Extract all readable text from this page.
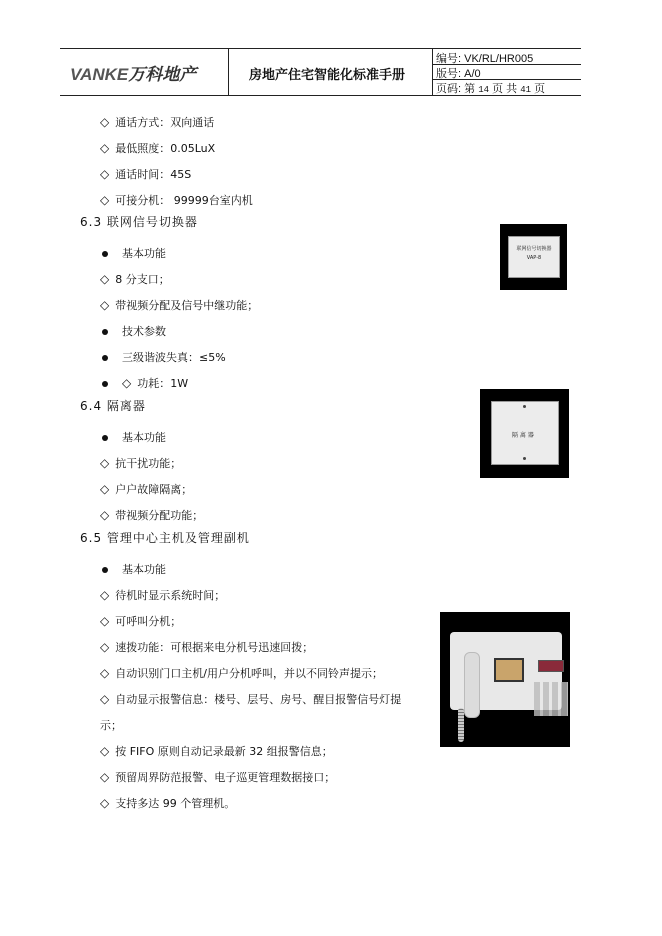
VANKE万科地产	房地产住宅智能化标准手册
编号: VK/RL/HR005
版号: A/0
页码: 第 14 页 共 41 页
◇ 通话方式：双向通话
◇ 最低照度：0.05LuX
◇ 通话时间：45S
◇ 可接分机： 99999台室内机
6.3 联网信号切换器
基本功能
◇ 8 分支口；
◇ 带视频分配及信号中继功能；
技术参数
三级谐波失真：≤5%
◇ 功耗：1W
联网信号切换器
VAP-8
6.4 隔离器
基本功能
◇ 抗干扰功能；
◇ 户户故障隔离；
◇ 带视频分配功能；
隔 离 器
6.5 管理中心主机及管理副机
基本功能
◇ 待机时显示系统时间；
◇ 可呼叫分机；
◇ 速拨功能：可根据来电分机号迅速回拨；
◇ 自动识别门口主机/用户分机呼叫，并以不同铃声提示；
◇ 自动显示报警信息：楼号、层号、房号、醒目报警信号灯提
示；
◇ 按 FIFO 原则自动记录最新 32 组报警信息；
◇ 预留周界防范报警、电子巡更管理数据接口；
◇ 支持多达 99 个管理机。
